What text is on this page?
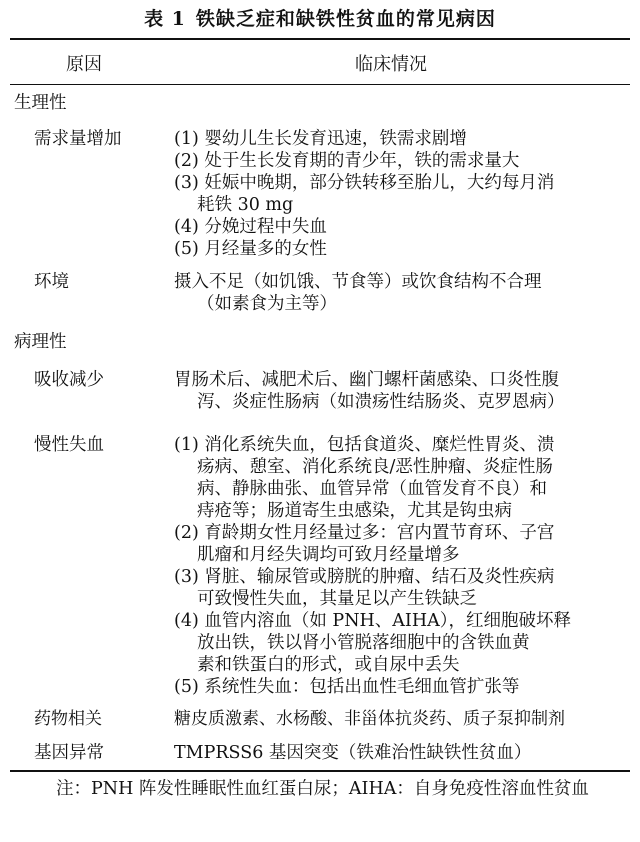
表 1 铁缺乏症和缺铁性贫血的常见病因
原因	临床情况
生理性
需求量增加	(1) 婴幼儿生长发育迅速，铁需求剧增
(2) 处于生长发育期的青少年，铁的需求量大
(3) 妊娠中晚期，部分铁转移至胎儿，大约每月消
耗铁 30 mg
(4) 分娩过程中失血
(5) 月经量多的女性
环境	摄入不足（如饥饿、节食等）或饮食结构不合理
（如素食为主等）
病理性
吸收减少	胃肠术后、减肥术后、幽门螺杆菌感染、口炎性腹
泻、炎症性肠病（如溃疡性结肠炎、克罗恩病）
慢性失血	(1) 消化系统失血，包括食道炎、糜烂性胃炎、溃
疡病、憩室、消化系统良/恶性肿瘤、炎症性肠
病、静脉曲张、血管异常（血管发育不良）和
痔疮等；肠道寄生虫感染，尤其是钩虫病
(2) 育龄期女性月经量过多：宫内置节育环、子宫
肌瘤和月经失调均可致月经量增多
(3) 肾脏、输尿管或膀胱的肿瘤、结石及炎性疾病
可致慢性失血，其量足以产生铁缺乏
(4) 血管内溶血（如 PNH、AIHA），红细胞破坏释
放出铁，铁以肾小管脱落细胞中的含铁血黄
素和铁蛋白的形式，或自尿中丢失
(5) 系统性失血：包括出血性毛细血管扩张等
药物相关	糖皮质激素、水杨酸、非甾体抗炎药、质子泵抑制剂
基因异常	TMPRSS6 基因突变（铁难治性缺铁性贫血）
注：PNH 阵发性睡眠性血红蛋白尿；AIHA：自身免疫性溶血性贫血
